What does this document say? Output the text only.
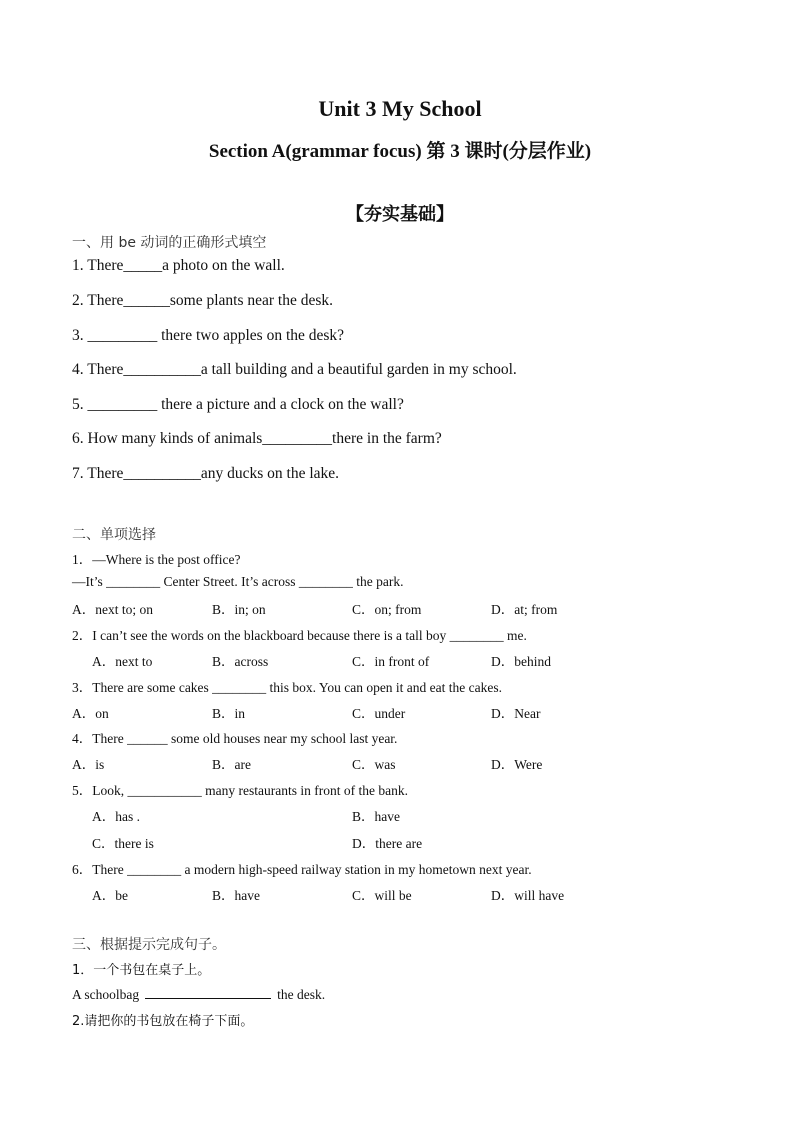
Unit 3 My School
Section A(grammar focus) 第 3 课时(分层作业)
【夯实基础】
一、用 be 动词的正确形式填空
1. There_____a photo on the wall.
2. There______some plants near the desk.
3. _________ there two apples on the desk?
4. There__________a tall building and a beautiful garden in my school.
5. _________ there a picture and a clock on the wall?
6. How many kinds of animals_________there in the farm?
7. There__________any ducks on the lake.
二、单项选择
1．—Where is the post office?
—It’s ________ Center Street. It’s across ________ the park.
A．next to; on	B．in; on	C．on; from	D．at; from
2．I can’t see the words on the blackboard because there is a tall boy ________ me.
A．next to	B．across	C．in front of	D．behind
3．There are some cakes ________ this box. You can open it and eat the cakes.
A．on	B．in	C．under	D．Near
4．There ______ some old houses near my school last year.
A．is	B．are	C．was	D．Were
5．Look, ___________ many restaurants in front of the bank.
A．has .	B．have
C．there is	D．there are
6．There ________ a modern high-speed railway station in my hometown next year.
A．be	B．have	C．will be	D．will have
三、根据提示完成句子。
1．一个书包在桌子上。
A schoolbag	the desk.
2.请把你的书包放在椅子下面。
